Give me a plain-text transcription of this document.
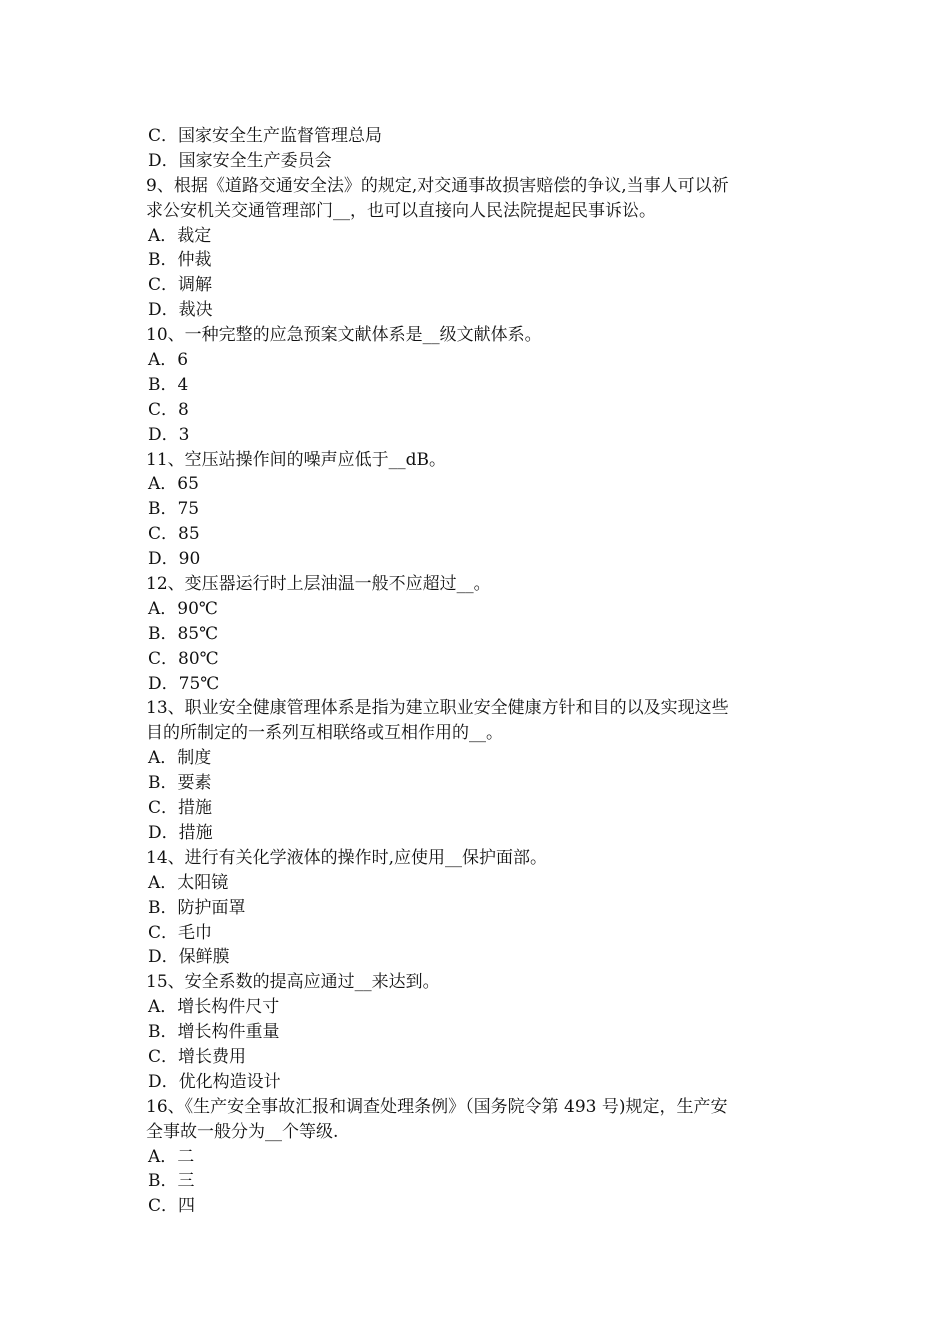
C．国家安全生产监督管理总局
D．国家安全生产委员会
9、根据《道路交通安全法》的规定,对交通事故损害赔偿的争议,当事人可以祈
求公安机关交通管理部门__，也可以直接向人民法院提起民事诉讼。
A．裁定
B．仲裁
C．调解
D．裁决
10、一种完整的应急预案文献体系是__级文献体系。
A．6
B．4
C．8
D．3
11、空压站操作间的噪声应低于__dB。
A．65
B．75
C．85
D．90
12、变压器运行时上层油温一般不应超过__。
A．90℃
B．85℃
C．80℃
D．75℃
13、职业安全健康管理体系是指为建立职业安全健康方针和目的以及实现这些
目的所制定的一系列互相联络或互相作用的__。
A．制度
B．要素
C．措施
D．措施
14、进行有关化学液体的操作时,应使用__保护面部。
A．太阳镜
B．防护面罩
C．毛巾
D．保鲜膜
15、安全系数的提高应通过__来达到。
A．增长构件尺寸
B．增长构件重量
C．增长费用
D．优化构造设计
16、《生产安全事故汇报和调查处理条例》（国务院令第 493 号)规定，生产安
全事故一般分为__个等级.
A．二
B．三
C．四
